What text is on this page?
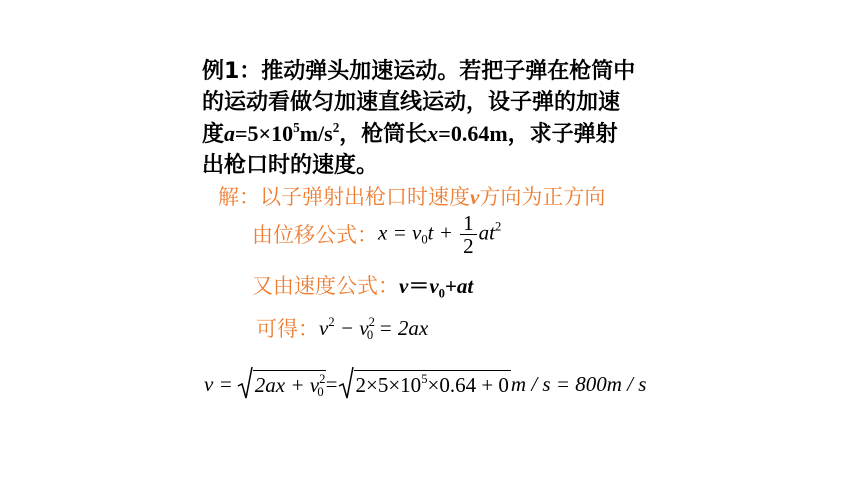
例1：推动弹头加速运动。若把子弹在枪筒中
的运动看做匀加速直线运动，设子弹的加速
度$a=5\times 10^5m/s^2$，枪筒长x=0.64m，求子弹射
出枪口时的速度。
解：以子弹射出枪口时速度v方向为正方向
由位移公式： $x = v_0t + \frac{1}{2} at^2$
又由速度公式： $v=v_0+at$
可得： $v^2 - v^2_0 = 2ax$
v =	$2ax + v^2_0 = 2\times 5\times 10^5\times 0.64 + 0$ m / s = 800m / s
